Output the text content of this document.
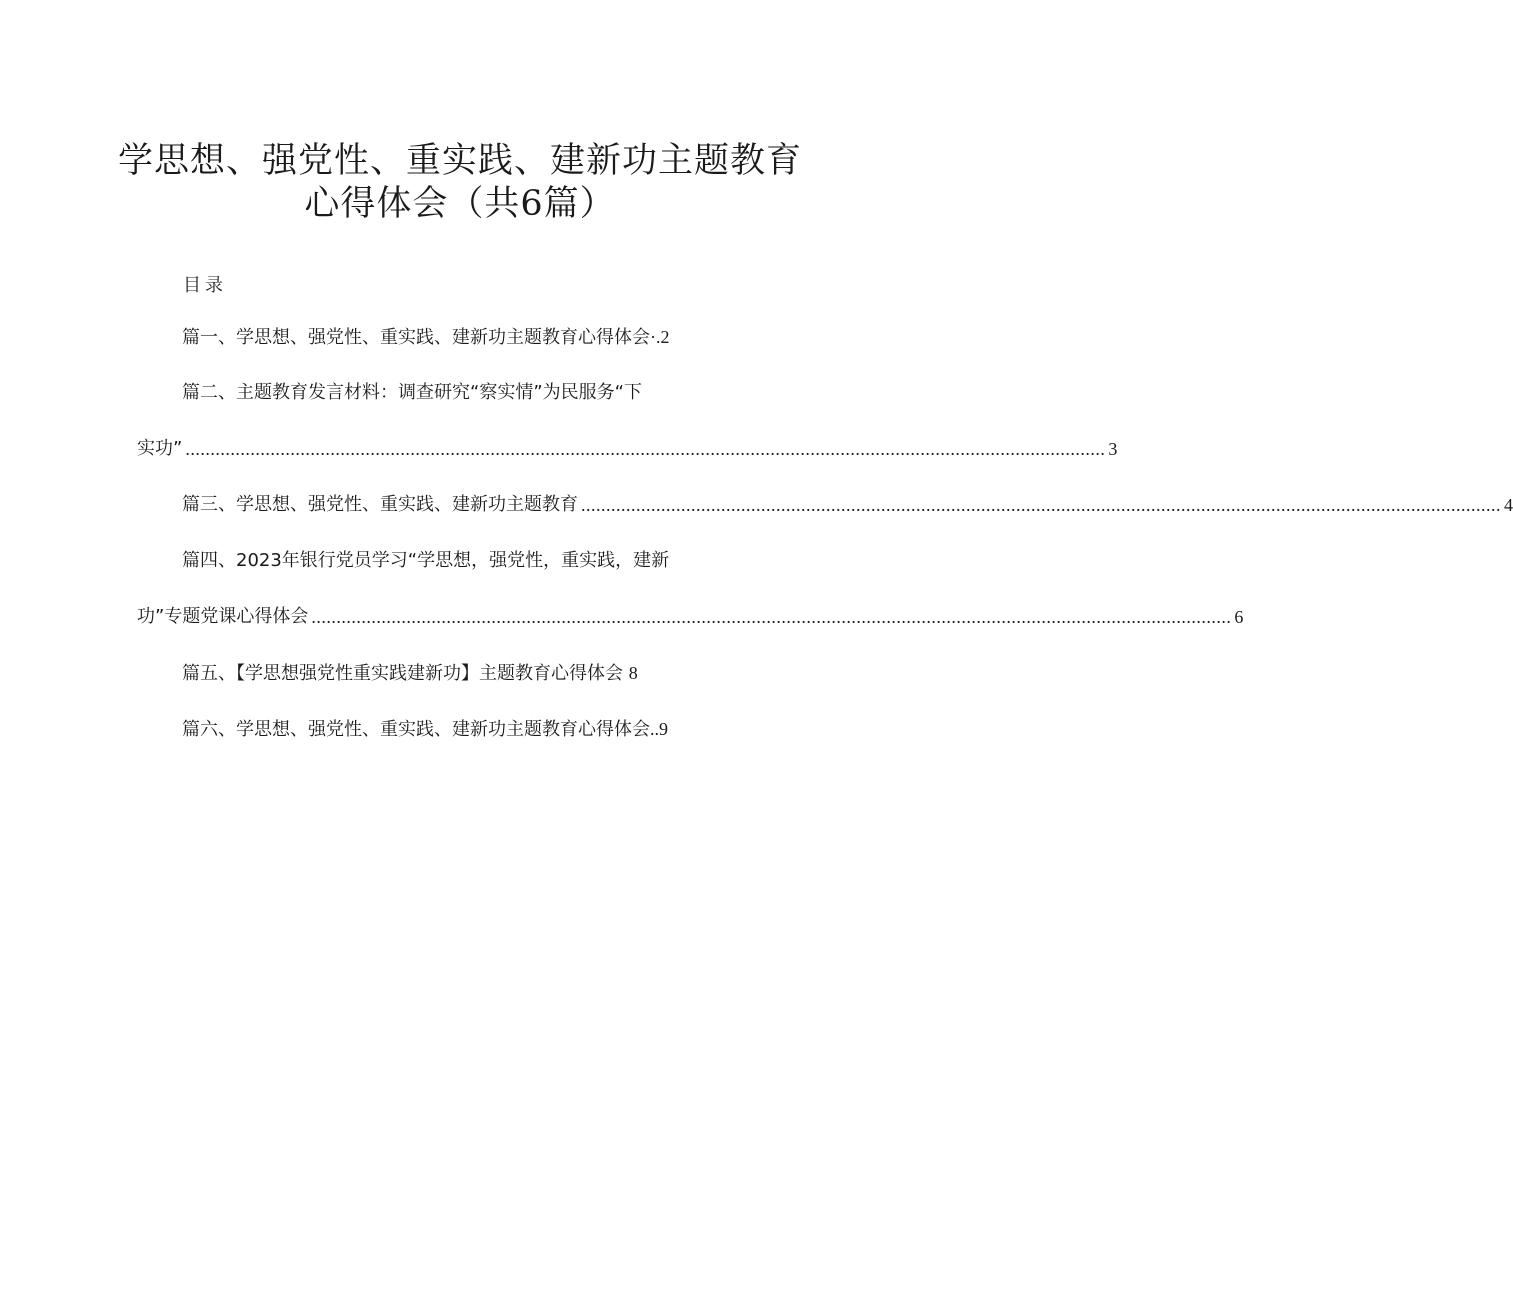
学思想、强党性、重实践、建新功主题教育
心得体会（共6篇）
目录
篇一、学思想、强党性、重实践、建新功主题教育心得体会·.2
篇二、主题教育发言材料：调查研究“察实情”为民服务“下
实功” ........................................................................................................................................................................................ 3
篇三、学思想、强党性、重实践、建新功主题教育 ........................................................................................................................................................................................ 4
篇四、2023年银行党员学习“学思想，强党性，重实践，建新
功”专题党课心得体会 ........................................................................................................................................................................................ 6
篇五、【学思想强党性重实践建新功】主题教育心得体会 8
篇六、学思想、强党性、重实践、建新功主题教育心得体会..9
